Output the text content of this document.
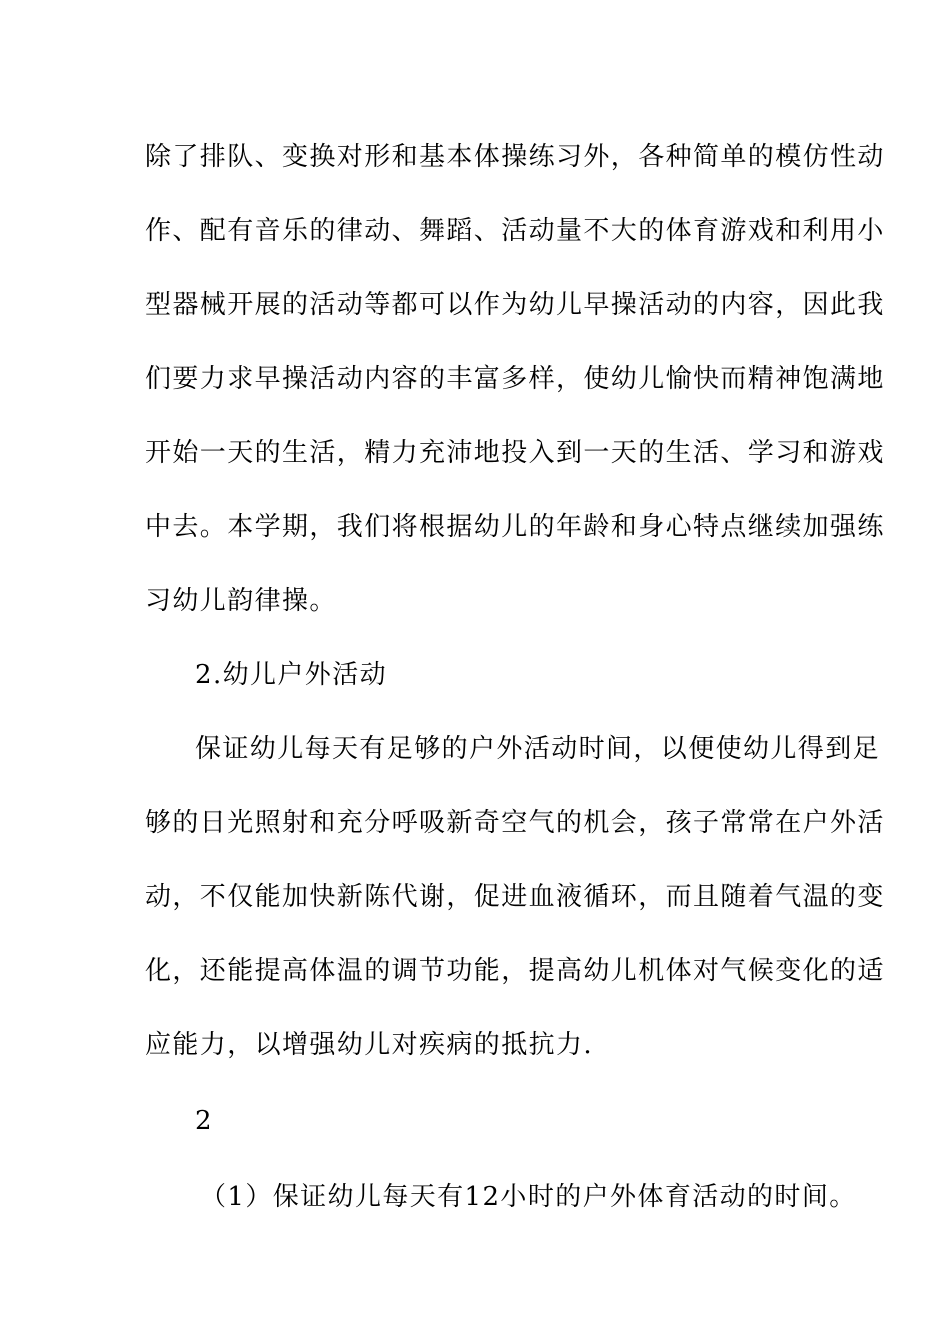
除了排队、变换对形和基本体操练习外，各种简单的模仿性动
作、配有音乐的律动、舞蹈、活动量不大的体育游戏和利用小
型器械开展的活动等都可以作为幼儿早操活动的内容，因此我
们要力求早操活动内容的丰富多样，使幼儿愉快而精神饱满地
开始一天的生活，精力充沛地投入到一天的生活、学习和游戏
中去。本学期，我们将根据幼儿的年龄和身心特点继续加强练
习幼儿韵律操。
2.幼儿户外活动
保证幼儿每天有足够的户外活动时间，以便使幼儿得到足
够的日光照射和充分呼吸新奇空气的机会，孩子常常在户外活
动，不仅能加快新陈代谢，促进血液循环，而且随着气温的变
化，还能提高体温的调节功能，提高幼儿机体对气候变化的适
应能力，以增强幼儿对疾病的抵抗力.
2
（1）保证幼儿每天有12小时的户外体育活动的时间。
